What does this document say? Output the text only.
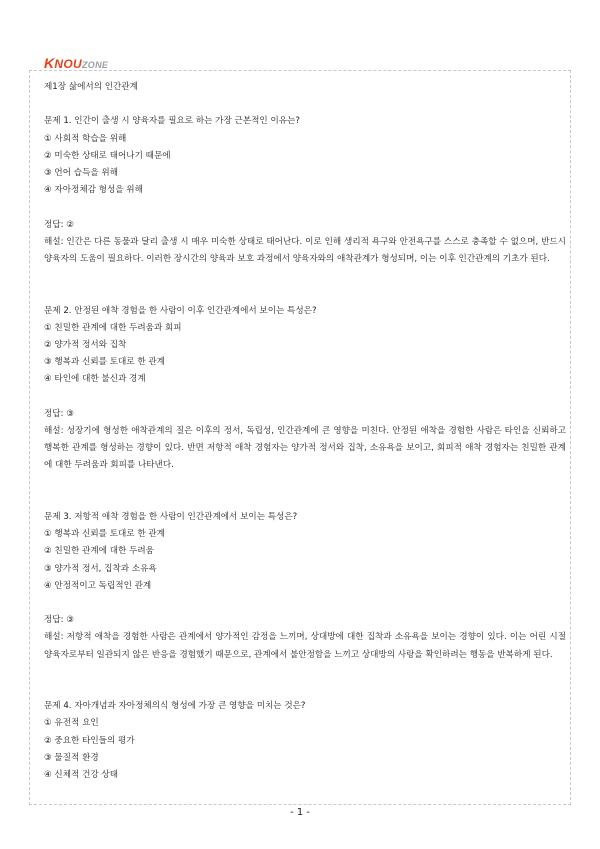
KNOUZONE

제1장 삶에서의 인간관계

문제 1. 인간이 출생 시 양육자를 필요로 하는 가장 근본적인 이유는?

① 사회적 학습을 위해

② 미숙한 상태로 태어나기 때문에

③ 언어 습득을 위해

④ 자아정체감 형성을 위해

정답: ②

해설: 인간은 다른 동물과 달리 출생 시 매우 미숙한 상태로 태어난다. 이로 인해 생리적 욕구와 안전욕구를 스스로 충족할 수 없으며, 반드시 양육자의 도움이 필요하다. 이러한 장시간의 양육과 보호 과정에서 양육자와의 애착관계가 형성되며, 이는 이후 인간관계의 기초가 된다.

문제 2. 안정된 애착 경험을 한 사람이 이후 인간관계에서 보이는 특성은?

① 친밀한 관계에 대한 두려움과 회피

② 양가적 정서와 집착

③ 행복과 신뢰를 토대로 한 관계

④ 타인에 대한 불신과 경계

정답: ③

해설: 성장기에 형성한 애착관계의 질은 이후의 정서, 독립성, 인간관계에 큰 영향을 미친다. 안정된 애착을 경험한 사람은 타인을 신뢰하고 행복한 관계를 형성하는 경향이 있다. 반면 저항적 애착 경험자는 양가적 정서와 집착, 소유욕을 보이고, 회피적 애착 경험자는 친밀한 관계에 대한 두려움과 회피를 나타낸다.

문제 3. 저항적 애착 경험을 한 사람이 인간관계에서 보이는 특성은?

① 행복과 신뢰를 토대로 한 관계

② 친밀한 관계에 대한 두려움

③ 양가적 정서, 집착과 소유욕

④ 안정적이고 독립적인 관계

정답: ③

해설: 저항적 애착을 경험한 사람은 관계에서 양가적인 감정을 느끼며, 상대방에 대한 집착과 소유욕을 보이는 경향이 있다. 이는 어린 시절 양육자로부터 일관되지 않은 반응을 경험했기 때문으로, 관계에서 불안정함을 느끼고 상대방의 사랑을 확인하려는 행동을 반복하게 된다.

문제 4. 자아개념과 자아정체의식 형성에 가장 큰 영향을 미치는 것은?

① 유전적 요인

② 중요한 타인들의 평가

③ 물질적 환경

④ 신체적 건강 상태

- 1 -
